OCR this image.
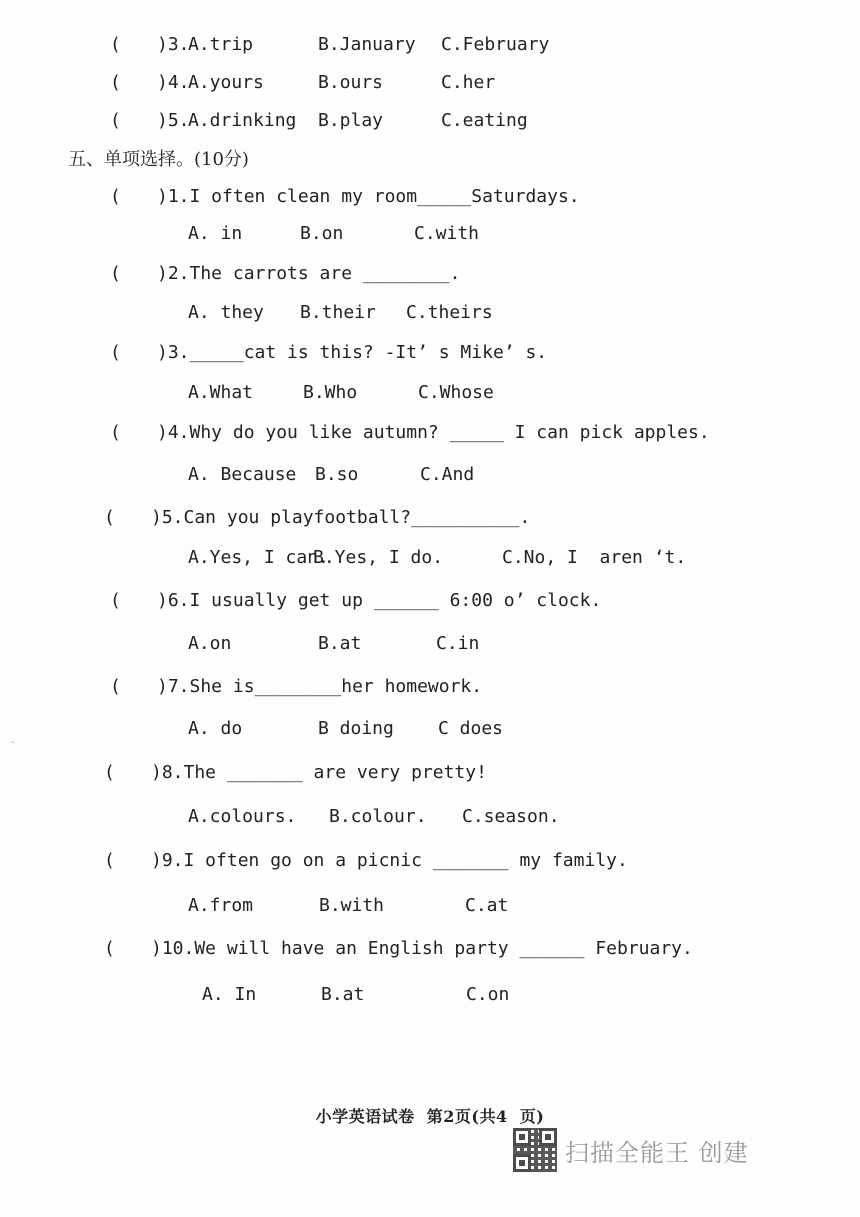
(

)3.

A.trip

	B.January

C.February

(

)4.

A.yours

	B.ours

	C.her

(

)5.

A.drinking

B.play

	C.eating

五、单项选择。(10分)

(

)1.I often clean my room_____Saturdays.

A. in

	B.on

	C.with

(

)2.The carrots are ________.

A. they

B.their

C.theirs

(

)3._____cat is this? -It’ s Mike’ s.

A.What

	B.Who

	C.Whose

(

)4.Why do you like autumn? _____ I can pick apples.

A. Because

B.so

	C.And

(

)5.Can you playfootball?__________.

A.Yes, I can.

B.Yes, I do.

	C.No, I  aren ‘t.

(

)6.I usually get up ______ 6:00 o’ clock.

A.on

	B.at

	C.in

(

)7.She is________her homework.

A. do

	B doing

C does

(

)8.The _______ are very pretty!

A.colours.

B.colour.

C.season.

(

)9.I often go on a picnic _______ my family.

A.from

	B.with

	C.at

(

)10.We will have an English party ______ February.

A. In

	B.at

	C.on

小学英语试卷  第2页(共4  页)
扫描全能王 创建
.
